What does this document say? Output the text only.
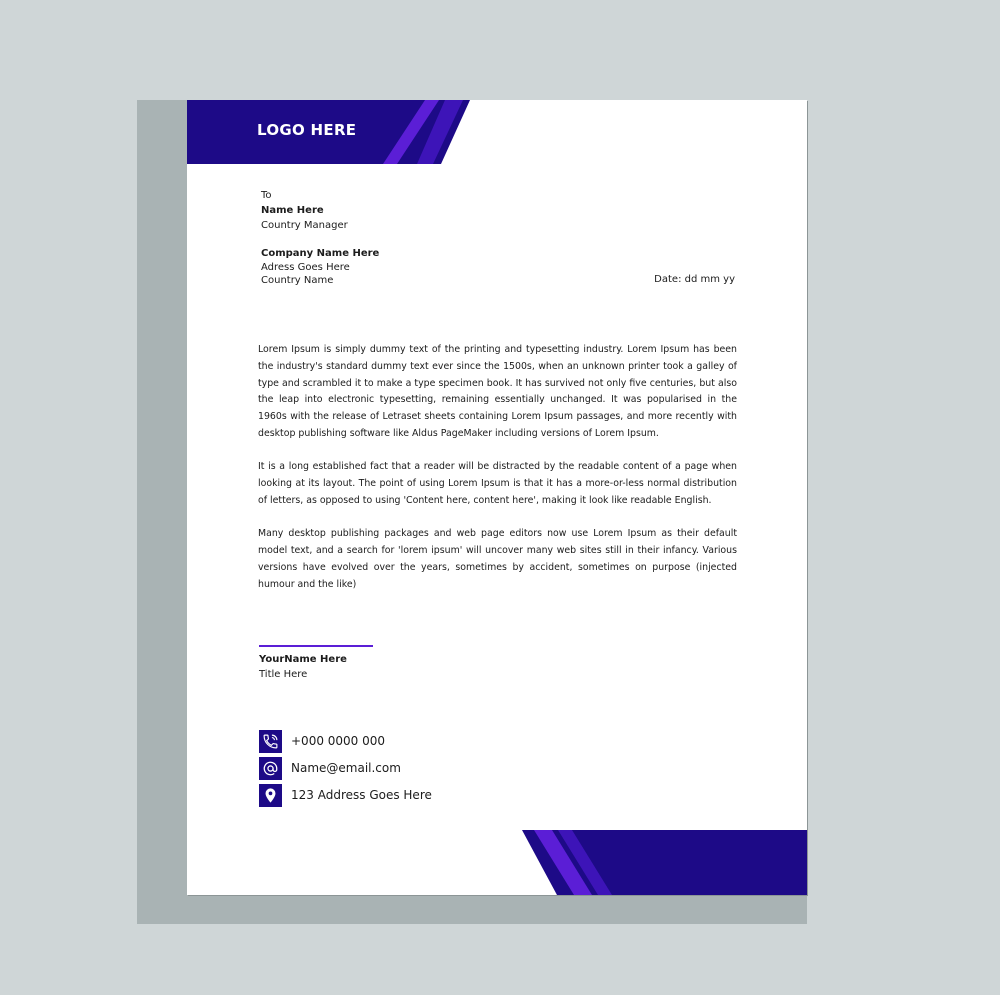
LOGO HERE
To
Name Here
Country Manager
Company Name Here
Adress Goes Here
Country Name	Date: dd mm yy

Lorem Ipsum is simply dummy text of the printing and typesetting industry. Lorem Ipsum has been the industry's standard dummy text ever since the 1500s, when an unknown printer took a galley of type and scrambled it to make a type specimen book. It has survived not only five centuries, but also the leap into electronic typesetting, remaining essentially unchanged. It was popularised in the 1960s with the release of Letraset sheets containing Lorem Ipsum passages, and more recently with desktop publishing software like Aldus PageMaker including versions of Lorem Ipsum.

It is a long established fact that a reader will be distracted by the readable content of a page when looking at its layout. The point of using Lorem Ipsum is that it has a more-or-less normal distribution of letters, as opposed to using 'Content here, content here', making it look like readable English.

Many desktop publishing packages and web page editors now use Lorem Ipsum as their default model text, and a search for 'lorem ipsum' will uncover many web sites still in their infancy. Various versions have evolved over the years, sometimes by accident, sometimes on purpose (injected humour and the like)

YourName Here
Title Here
+000 0000 000
Name@email.com
123 Address Goes Here
